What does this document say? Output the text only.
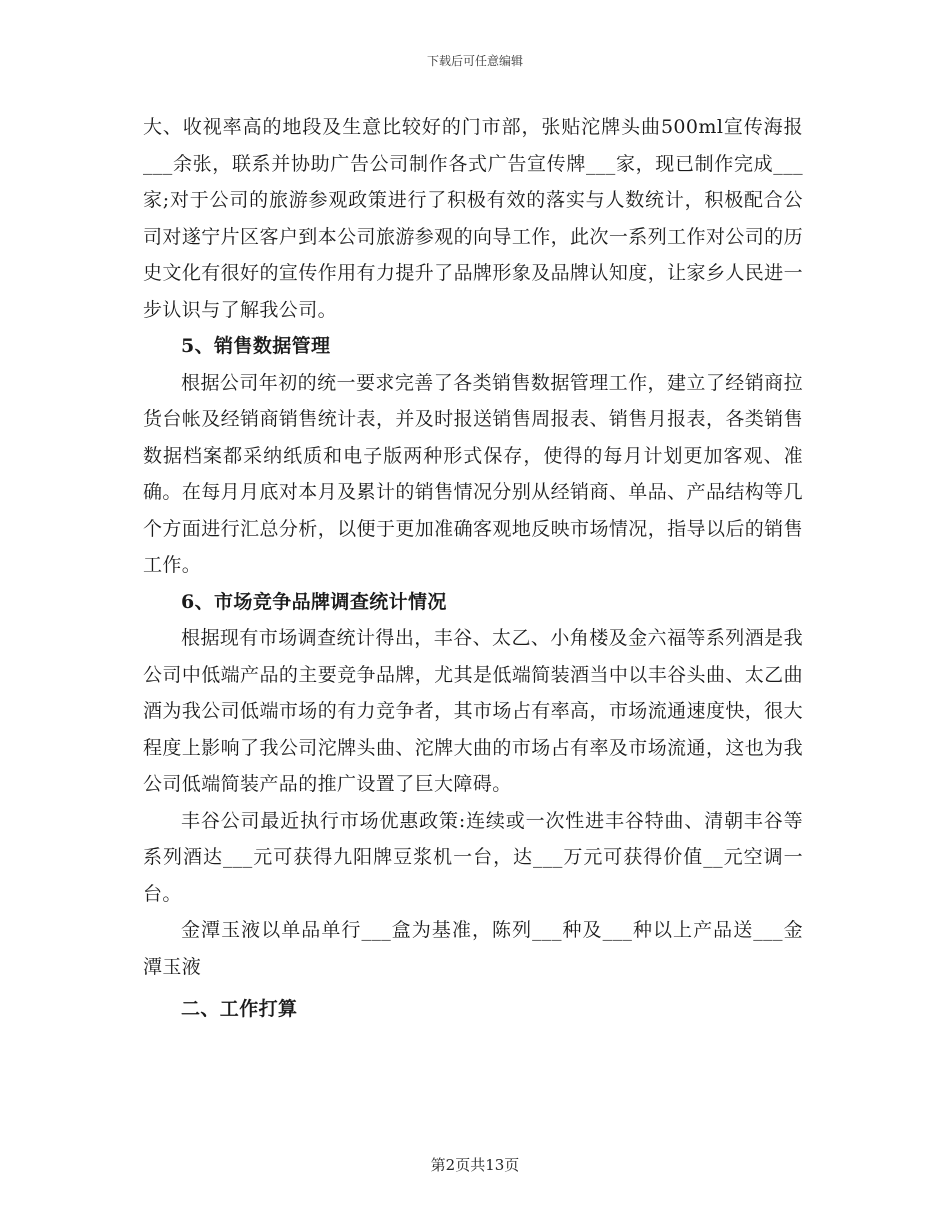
下载后可任意编辑

大、收视率高的地段及生意比较好的门市部，张贴沱牌头曲500ml宣传海报___余张，联系并协助广告公司制作各式广告宣传牌___家，现已制作完成___家;对于公司的旅游参观政策进行了积极有效的落实与人数统计，积极配合公司对遂宁片区客户到本公司旅游参观的向导工作，此次一系列工作对公司的历史文化有很好的宣传作用有力提升了品牌形象及品牌认知度，让家乡人民进一步认识与了解我公司。

5、销售数据管理

根据公司年初的统一要求完善了各类销售数据管理工作，建立了经销商拉货台帐及经销商销售统计表，并及时报送销售周报表、销售月报表，各类销售数据档案都采纳纸质和电子版两种形式保存，使得的每月计划更加客观、准确。在每月月底对本月及累计的销售情况分别从经销商、单品、产品结构等几个方面进行汇总分析，以便于更加准确客观地反映市场情况，指导以后的销售工作。

6、市场竞争品牌调查统计情况

根据现有市场调查统计得出，丰谷、太乙、小角楼及金六福等系列酒是我公司中低端产品的主要竞争品牌，尤其是低端简装酒当中以丰谷头曲、太乙曲酒为我公司低端市场的有力竞争者，其市场占有率高，市场流通速度快，很大程度上影响了我公司沱牌头曲、沱牌大曲的市场占有率及市场流通，这也为我公司低端简装产品的推广设置了巨大障碍。

丰谷公司最近执行市场优惠政策:连续或一次性进丰谷特曲、清朝丰谷等系列酒达___元可获得九阳牌豆浆机一台，达___万元可获得价值__元空调一台。

金潭玉液以单品单行___盒为基准，陈列___种及___种以上产品送___金潭玉液

二、工作打算

第2页共13页
